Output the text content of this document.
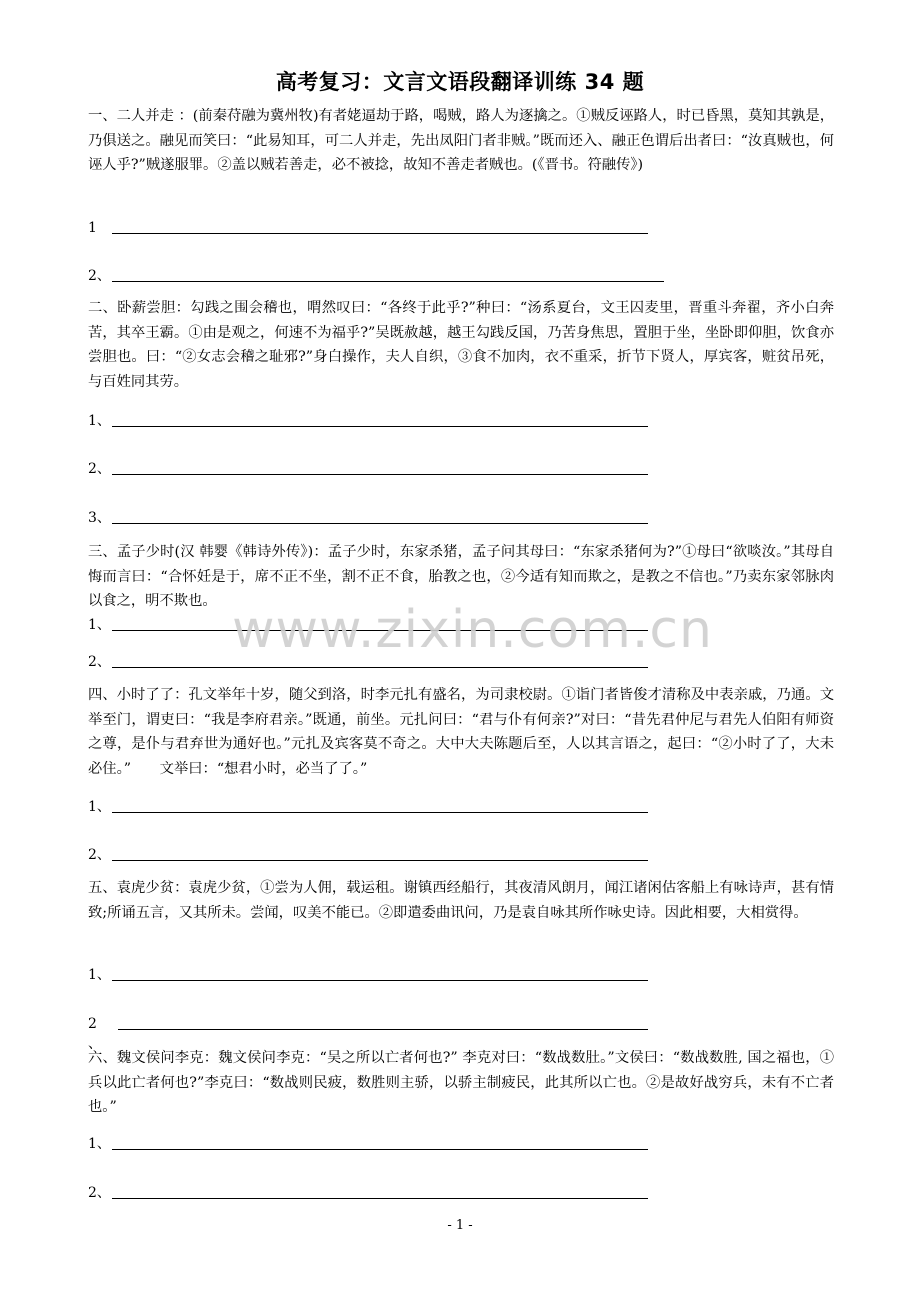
高考复习：文言文语段翻译训练 34 题
一、二人并走 ：(前秦苻融为冀州牧)有者姥逼劫于路，喝贼，路人为逐擒之。①贼反诬路人，时已昏黑，莫知其孰是，乃俱送之。融见而笑曰：“此易知耳，可二人并走，先出凤阳门者非贼。”既而还入、融正色谓后出者曰：“汝真贼也，何诬人乎?”贼遂服罪。②盖以贼若善走，必不被捻，故知不善走者贼也。(《晋书。符融传》)
1
2、
二、卧薪尝胆：勾践之围会稽也，喟然叹曰：“各终于此乎?”种曰：“汤系夏台，文王囚麦里，晋重斗奔翟，齐小白奔苦，其卒王霸。①由是观之，何速不为福乎?”吴既赦越，越王勾践反国，乃苦身焦思，置胆于坐，坐卧即仰胆，饮食亦尝胆也。曰：“②女志会稽之耻邪?”身白操作，夫人自织，③食不加肉，衣不重采，折节下贤人，厚宾客，赃贫吊死，与百姓同其劳。
1、
2、
3、
三、孟子少时(汉 韩婴《韩诗外传》)：孟子少时，东家杀猪，孟子问其母曰：“东家杀猪何为?”①母曰“欲啖汝。”其母自悔而言曰：“合怀妊是于，席不正不坐，割不正不食，胎教之也，②今适有知而欺之，是教之不信也。”乃卖东家邻脉肉以食之，明不欺也。
1、
2、
四、小时了了：孔文举年十岁，随父到洛，时李元扎有盛名，为司隶校尉。①诣门者皆俊才清称及中表亲戚，乃通。文举至门，谓吏曰：“我是李府君亲。”既通，前坐。元扎问曰：“君与仆有何亲?”对曰：“昔先君仲尼与君先人伯阳有师资之尊，是仆与君弃世为通好也。”元扎及宾客莫不奇之。大中大夫陈题后至，人以其言语之，起曰：“②小时了了，大未必住。”　　文举曰：“想君小时，必当了了。”
1、
2、
五、袁虎少贫：袁虎少贫，①尝为人佣，载运租。谢镇西经船行，其夜清风朗月，闻江诸闲估客船上有咏诗声，甚有情致;所诵五言，又其所未。尝闻，叹美不能已。②即遣委曲讯问，乃是袁自咏其所作咏史诗。因此相要，大相赏得。
1、
2 、
六、魏文侯问李克：魏文侯问李克：“吴之所以亡者何也?” 李克对曰：“数战数肚。”文侯曰：“数战数胜, 国之福也，①兵以此亡者何也?”李克曰：“数战则民疲，数胜则主骄，以骄主制疲民，此其所以亡也。②是故好战穷兵，未有不亡者也。”
1、
2、
www.zixin.com.cn
- 1 -
